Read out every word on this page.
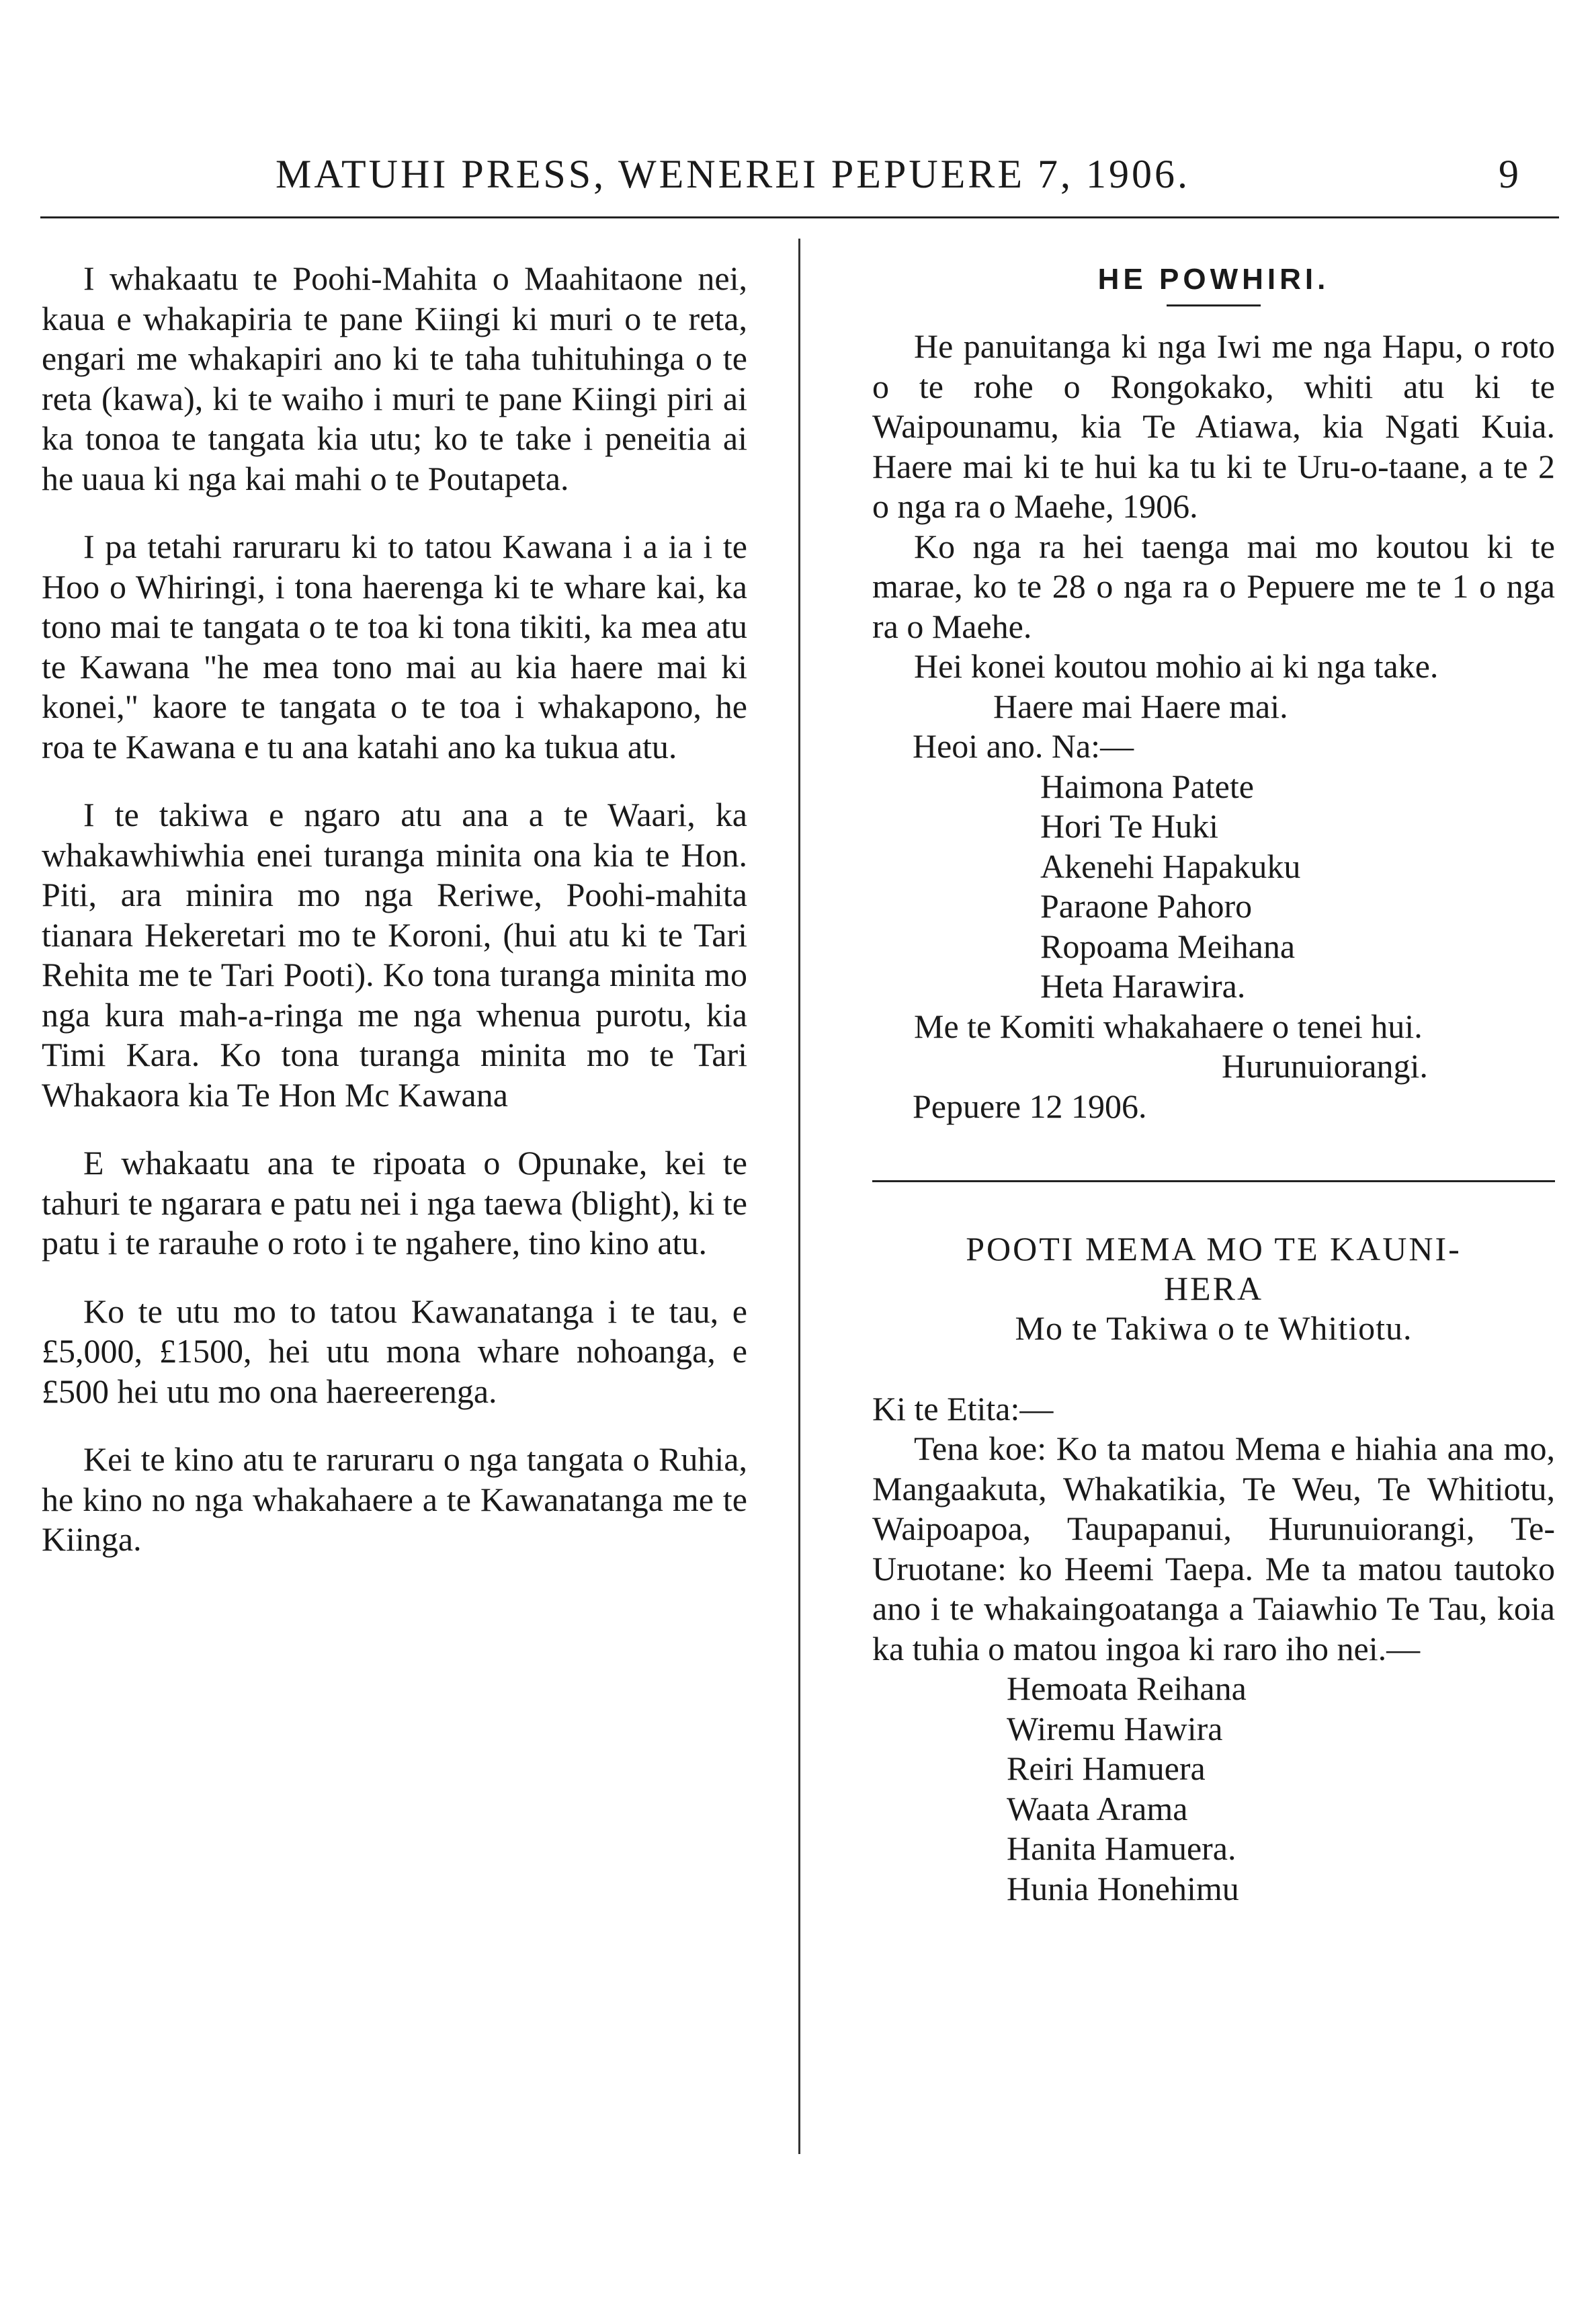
MATUHI PRESS, WENEREI PEPUERE 7, 1906.	9

I whakaatu te Poohi-Mahita o Maahitaone nei, kaua e whakapiria te pane Kiingi ki muri o te reta, engari me whakapiri ano ki te taha tuhituhinga o te reta (kawa), ki te waiho i muri te pane Kiingi piri ai ka tonoa te tangata kia utu; ko te take i peneitia ai he uaua ki nga kai mahi o te Poutapeta.

I pa tetahi raruraru ki to tatou Kawana i a ia i te Hoo o Whiringi, i tona haerenga ki te whare kai, ka tono mai te tangata o te toa ki tona tikiti, ka mea atu te Kawana "he mea tono mai au kia haere mai ki konei," kaore te tangata o te toa i whakapono, he roa te Kawana e tu ana katahi ano ka tukua atu.

I te takiwa e ngaro atu ana a te Waari, ka whakawhiwhia enei turanga minita ona kia te Hon. Piti, ara minira mo nga Reriwe, Poohi-mahita tianara Hekeretari mo te Koroni, (hui atu ki te Tari Rehita me te Tari Pooti). Ko tona turanga minita mo nga kura mah-a-ringa me nga whenua purotu, kia Timi Kara. Ko tona turanga minita mo te Tari Whakaora kia Te Hon Mc Kawana

E whakaatu ana te ripoata o Opunake, kei te tahuri te ngarara e patu nei i nga taewa (blight), ki te patu i te rarauhe o roto i te ngahere, tino kino atu.

Ko te utu mo to tatou Kawanatanga i te tau, e £5,000, £1500, hei utu mona whare nohoanga, e £500 hei utu mo ona haereerenga.

Kei te kino atu te raruraru o nga tangata o Ruhia, he kino no nga whakahaere a te Kawanatanga me te Kiinga.

HE POWHIRI.

He panuitanga ki nga Iwi me nga Hapu, o roto o te rohe o Rongokako, whiti atu ki te Waipounamu, kia Te Atiawa, kia Ngati Kuia. Haere mai ki te hui ka tu ki te Uru-o-taane, a te 2 o nga ra o Maehe, 1906.

Ko nga ra hei taenga mai mo koutou ki te marae, ko te 28 o nga ra o Pepuere me te 1 o nga ra o Maehe.

Hei konei koutou mohio ai ki nga take.

Haere mai Haere mai.
Heoi ano. Na:—
Haimona Patete
Hori Te Huki
Akenehi Hapakuku
Paraone Pahoro
Ropoama Meihana
Heta Harawira.

Me te Komiti whakahaere o tenei hui.

Hurunuiorangi.
Pepuere 12 1906.

POOTI MEMA MO TE KAUNI-

HERA

Mo te Takiwa o te Whitiotu.

Ki te Etita:—

Tena koe: Ko ta matou Mema e hiahia ana mo, Mangaakuta, Whakatikia, Te Weu, Te Whitiotu, Waipoapoa, Taupapanui, Hurunuiorangi, Te-Uruotane: ko Heemi Taepa. Me ta matou tautoko ano i te whakaingoatanga a Taiawhio Te Tau, koia ka tuhia o matou ingoa ki raro iho nei.—

Hemoata Reihana
Wiremu Hawira
Reiri Hamuera
Waata Arama
Hanita Hamuera.
Hunia Honehimu
